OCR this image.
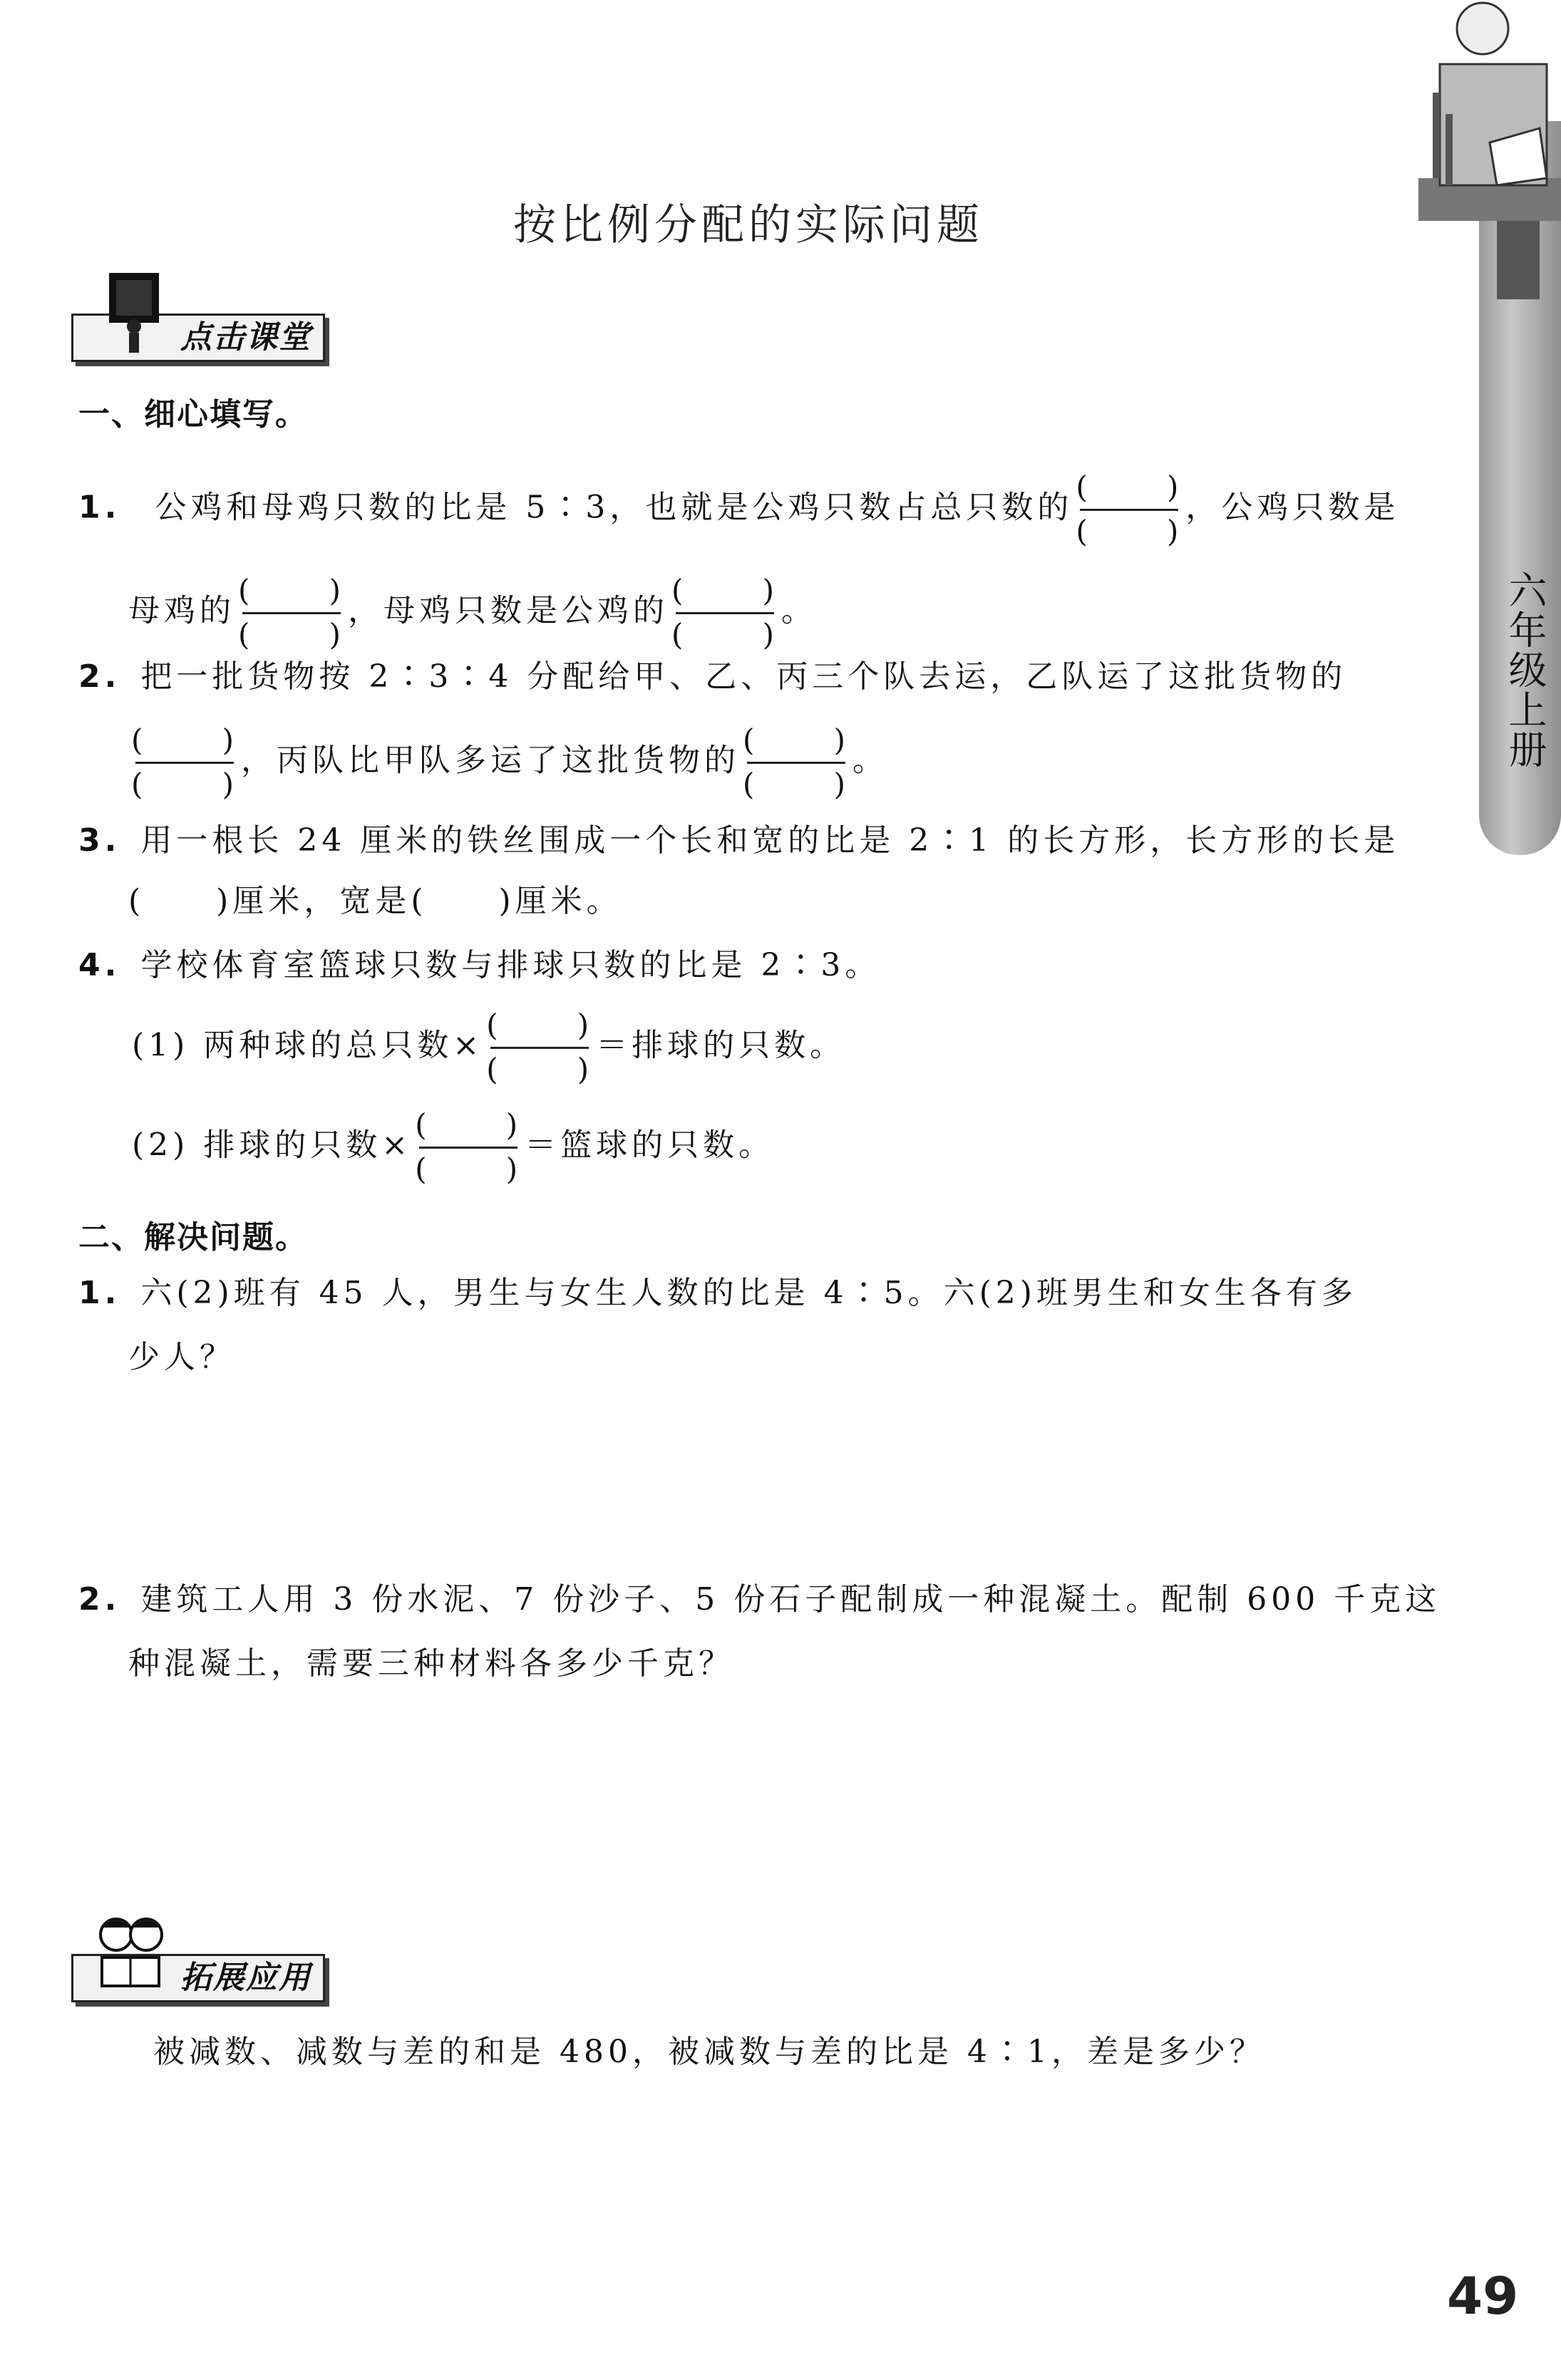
六年级上册
按比例分配的实际问题
点击课堂
一、细心填写。
1. 公鸡和母鸡只数的比是 5∶3，也就是公鸡只数占总只数的 (	)
(	) ，公鸡只数是
母鸡的 (	)
(	) ，母鸡只数是公鸡的 (	)
(	) 。
2. 把一批货物按 2∶3∶4 分配给甲、乙、丙三个队去运，乙队运了这批货物的
(	)
(	) ，丙队比甲队多运了这批货物的 (	)
(	) 。
3. 用一根长 24 厘米的铁丝围成一个长和宽的比是 2∶1 的长方形，长方形的长是
(　　)厘米，宽是(　　)厘米。
4. 学校体育室篮球只数与排球只数的比是 2∶3。
(1) 两种球的总只数× (	)
(	) ＝排球的只数。
(2) 排球的只数× (	)
(	) ＝篮球的只数。
二、解决问题。
1. 六(2)班有 45 人，男生与女生人数的比是 4∶5。六(2)班男生和女生各有多
少人？
2. 建筑工人用 3 份水泥、7 份沙子、5 份石子配制成一种混凝土。配制 600 千克这
种混凝土，需要三种材料各多少千克？
拓展应用
被减数、减数与差的和是 480，被减数与差的比是 4∶1，差是多少？
49
